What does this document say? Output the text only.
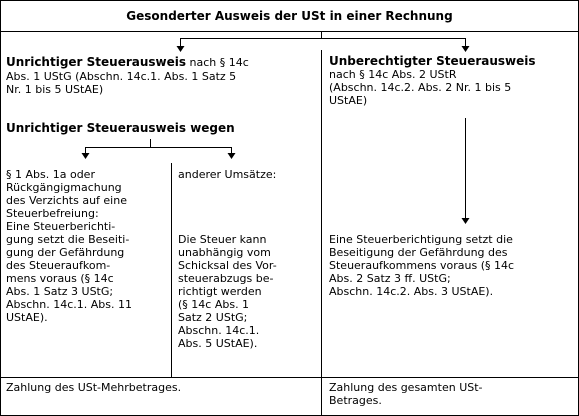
Gesonderter Ausweis der USt in einer Rechnung
Unrichtiger Steuerausweis nach § 14c
Abs. 1 UStG (Abschn. 14c.1. Abs. 1 Satz 5
Nr. 1 bis 5 UStAE)
Unrichtiger Steuerausweis wegen
§ 1 Abs. 1a oder
Rückgängigmachung
des Verzichts auf eine
Steuerbefreiung:
Eine Steuerberichti-
gung setzt die Beseiti-
gung der Gefährdung
des Steueraufkom-
mens voraus (§ 14c
Abs. 1 Satz 3 UStG;
Abschn. 14c.1. Abs. 11
UStAE).
anderer Umsätze:
Die Steuer kann
unabhängig vom
Schicksal des Vor-
steuerabzugs be-
richtigt werden
(§ 14c Abs. 1
Satz 2 UStG;
Abschn. 14c.1.
Abs. 5 UStAE).
Zahlung des USt-Mehrbetrages.
Unberechtigter Steuerausweis
nach § 14c Abs. 2 UStR
(Abschn. 14c.2. Abs. 2 Nr. 1 bis 5
UStAE)
Eine Steuerberichtigung setzt die
Beseitigung der Gefährdung des
Steueraufkommens voraus (§ 14c
Abs. 2 Satz 3 ff. UStG;
Abschn. 14c.2. Abs. 3 UStAE).
Zahlung des gesamten USt-
Betrages.
